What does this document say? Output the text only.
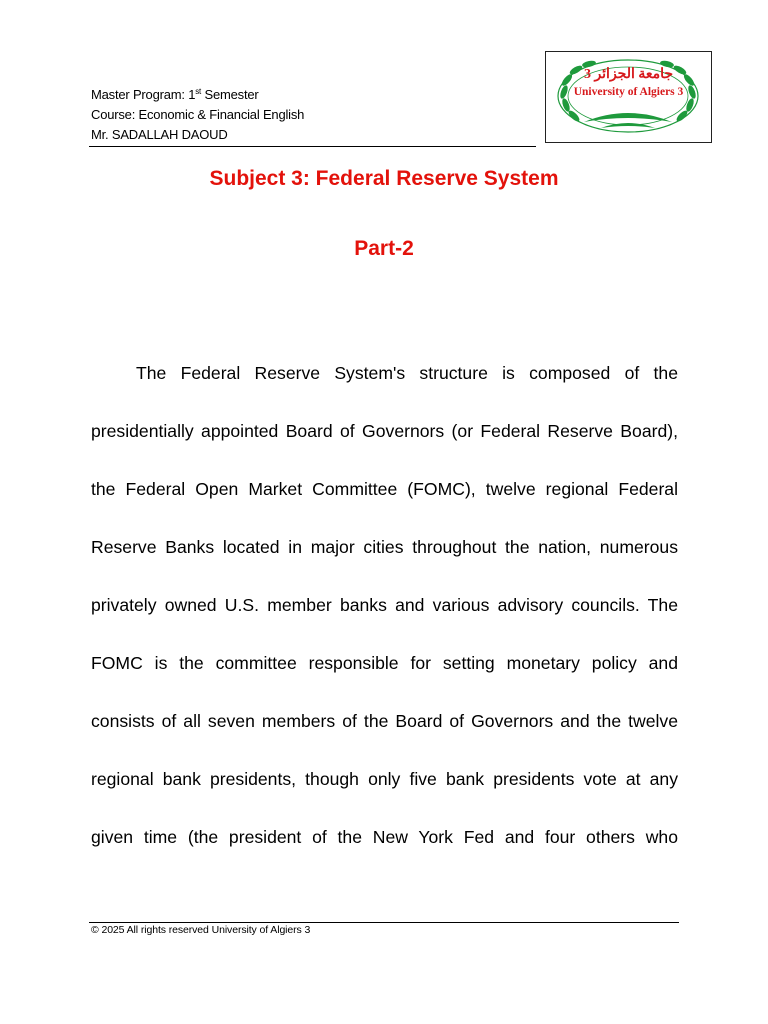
Master Program: 1st Semester
Course: Economic & Financial English
Mr. SADALLAH DAOUD
جامعة الجزائر 3
University of Algiers 3
Subject 3: Federal Reserve System
Part-2
The Federal Reserve System's structure is composed of the
presidentially appointed Board of Governors (or Federal Reserve Board),
the Federal Open Market Committee (FOMC), twelve regional Federal
Reserve Banks located in major cities throughout the nation, numerous
privately owned U.S. member banks and various advisory councils. The
FOMC is the committee responsible for setting monetary policy and
consists of all seven members of the Board of Governors and the twelve
regional bank presidents, though only five bank presidents vote at any
given time (the president of the New York Fed and four others who
© 2025 All rights reserved University of Algiers 3
